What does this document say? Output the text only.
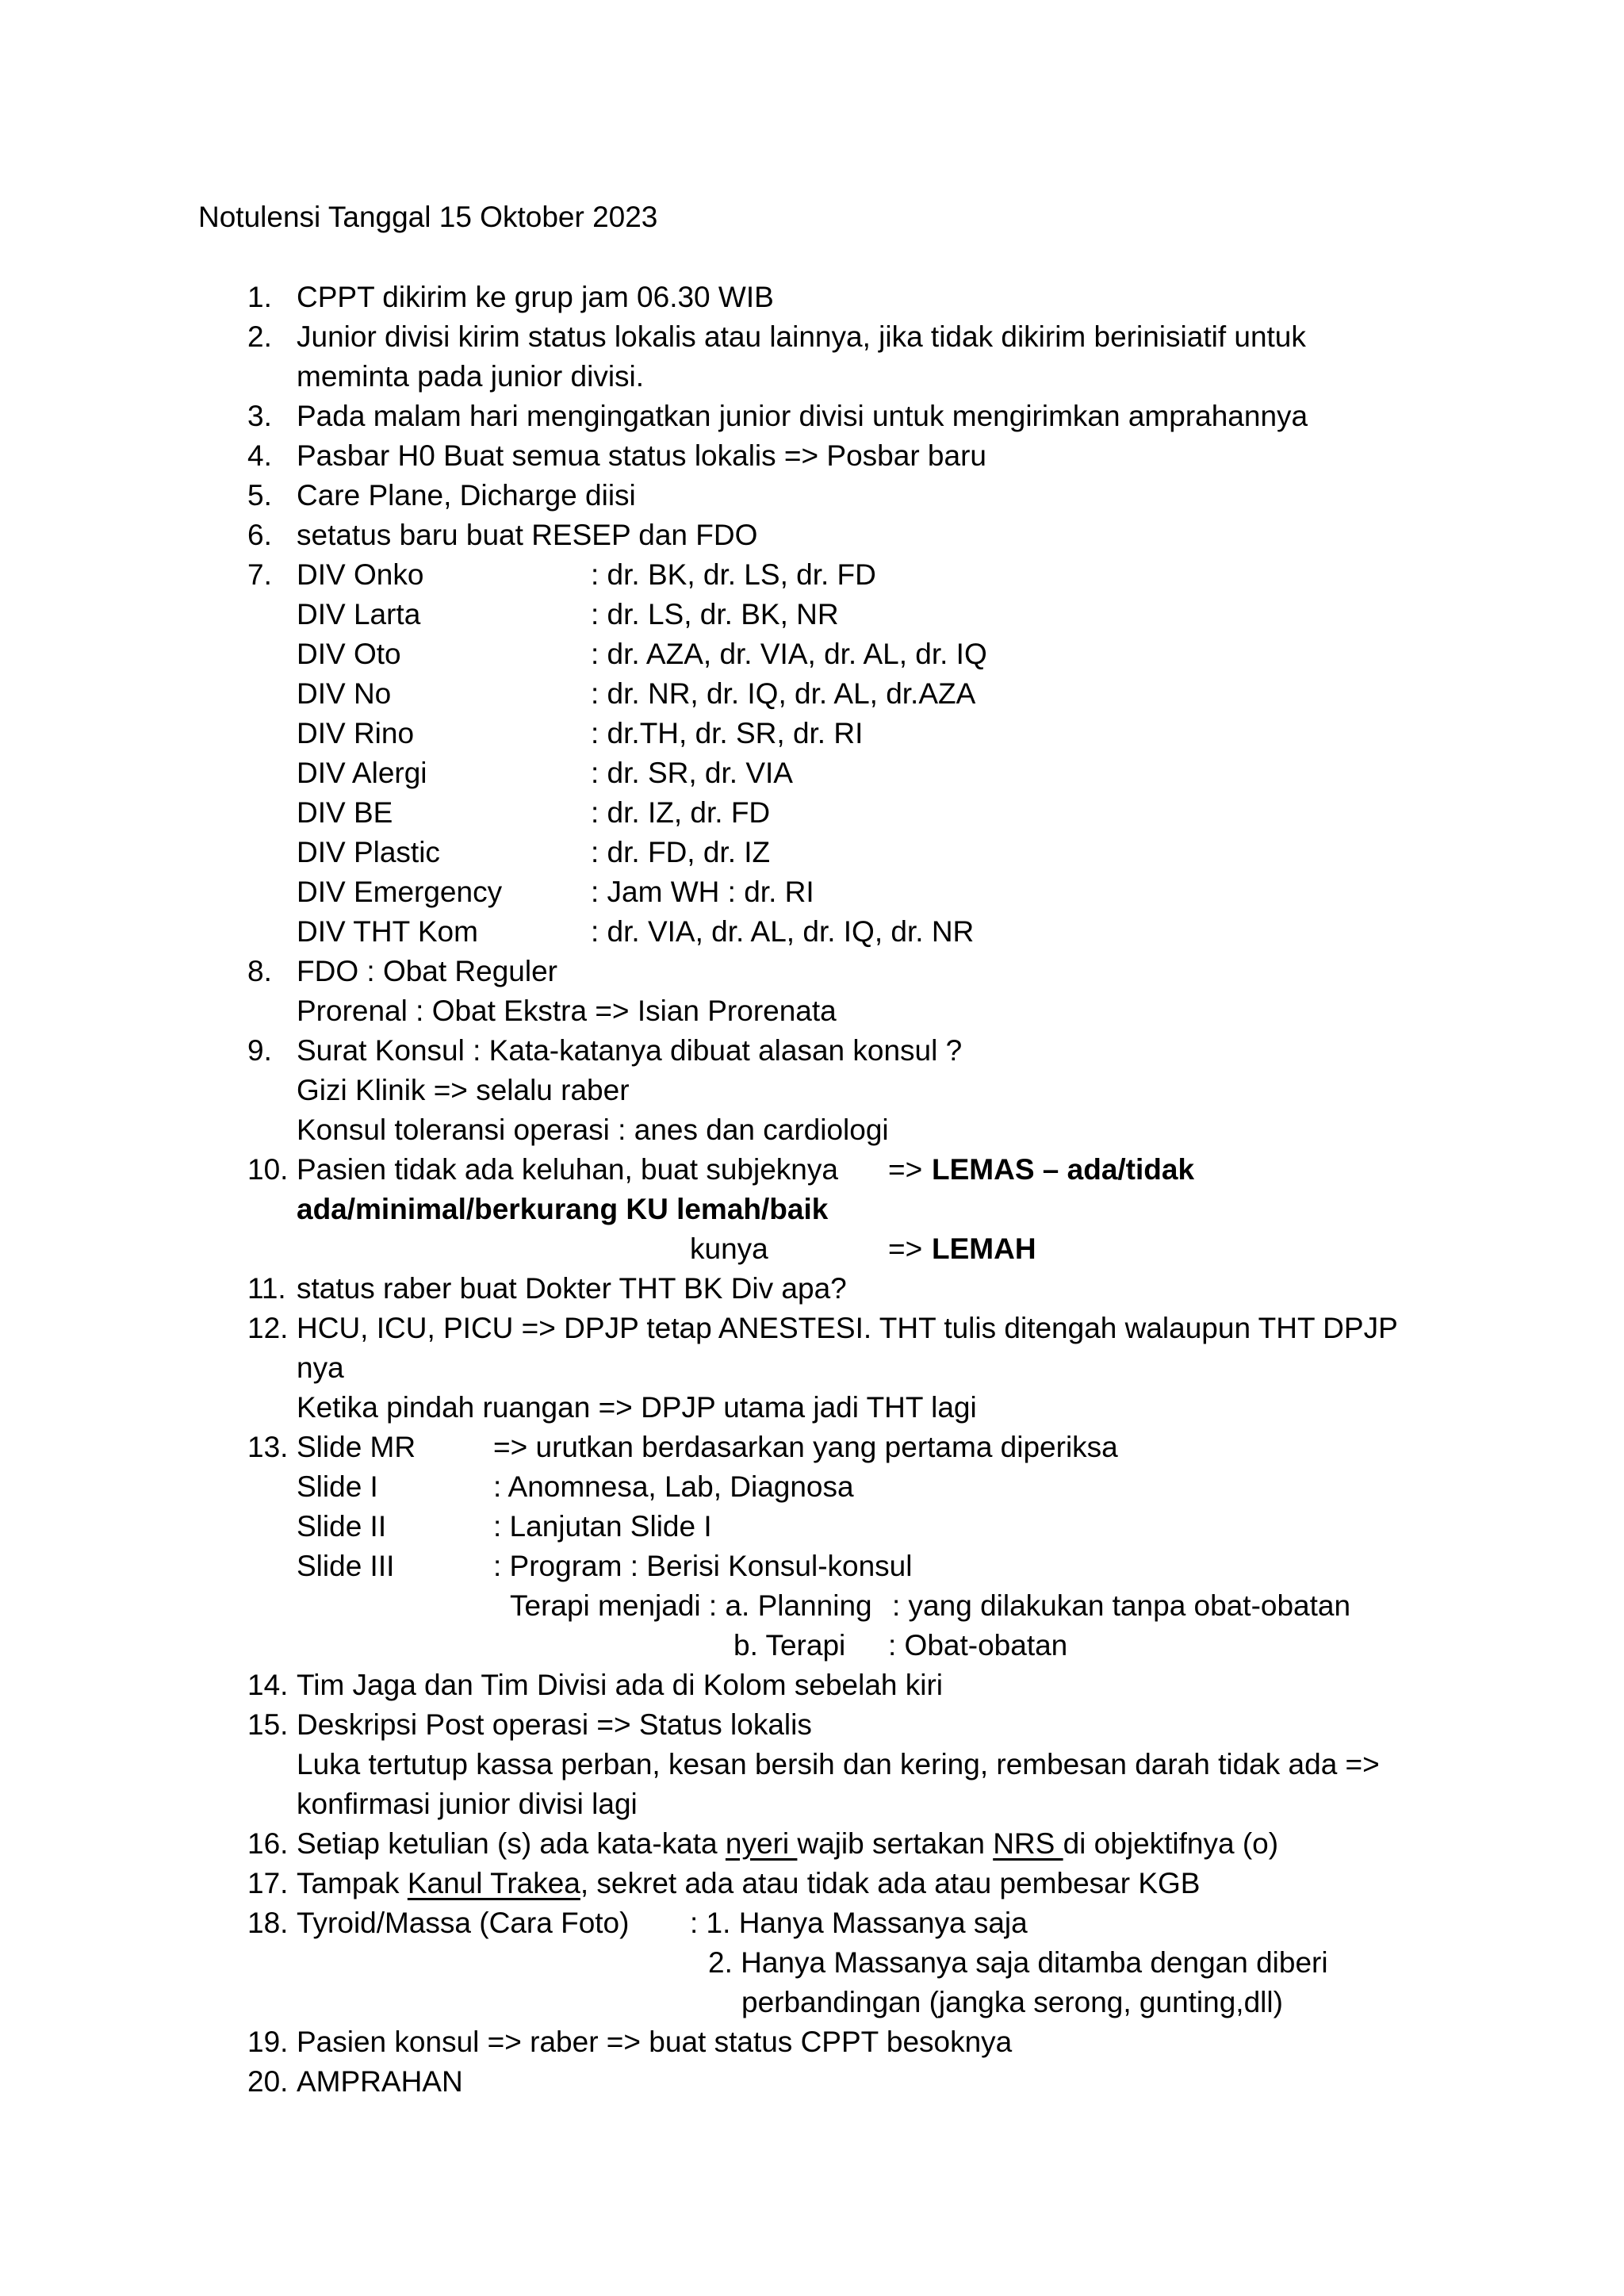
Notulensi Tanggal 15 Oktober 2023
1. CPPT dikirim ke grup jam 06.30 WIB
2. Junior divisi kirim status lokalis atau lainnya, jika tidak dikirim berinisiatif untuk
meminta pada junior divisi.
3. Pada malam hari mengingatkan junior divisi untuk mengirimkan amprahannya
4. Pasbar H0 Buat semua status lokalis => Posbar baru
5. Care Plane, Dicharge diisi
6. setatus baru buat RESEP dan FDO
7. DIV Onko	: dr. BK, dr. LS, dr. FD
DIV Larta	: dr. LS, dr. BK, NR
DIV Oto	: dr. AZA, dr. VIA, dr. AL, dr. IQ
DIV No	: dr. NR, dr. IQ, dr. AL, dr.AZA
DIV Rino	: dr.TH, dr. SR, dr. RI
DIV Alergi	: dr. SR, dr. VIA
DIV BE	: dr. IZ, dr. FD
DIV Plastic	: dr. FD, dr. IZ
DIV Emergency	: Jam WH : dr. RI
DIV THT Kom	: dr. VIA, dr. AL, dr. IQ, dr. NR
8. FDO : Obat Reguler
Prorenal : Obat Ekstra => Isian Prorenata
9. Surat Konsul : Kata-katanya dibuat alasan konsul ?
Gizi Klinik => selalu raber
Konsul toleransi operasi : anes dan cardiologi
10. Pasien tidak ada keluhan, buat subjeknya => LEMAS – ada/tidak
ada/minimal/berkurang KU lemah/baik
kunya	=> LEMAH
11. status raber buat Dokter THT BK Div apa?
12. HCU, ICU, PICU => DPJP tetap ANESTESI. THT tulis ditengah walaupun THT DPJP
nya
Ketika pindah ruangan => DPJP utama jadi THT lagi
13. Slide MR	=> urutkan berdasarkan yang pertama diperiksa
Slide I	: Anomnesa, Lab, Diagnosa
Slide II	: Lanjutan Slide I
Slide III	: Program : Berisi Konsul-konsul
Terapi menjadi : a. Planning : yang dilakukan tanpa obat-obatan
b. Terapi : Obat-obatan
14. Tim Jaga dan Tim Divisi ada di Kolom sebelah kiri
15. Deskripsi Post operasi => Status lokalis
Luka tertutup kassa perban, kesan bersih dan kering, rembesan darah tidak ada =>
konfirmasi junior divisi lagi
16. Setiap ketulian (s) ada kata-kata nyeri wajib sertakan NRS di objektifnya (o)
17. Tampak Kanul Trakea, sekret ada atau tidak ada atau pembesar KGB
18. Tyroid/Massa (Cara Foto) : 1. Hanya Massanya saja
2. Hanya Massanya saja ditamba dengan diberi
perbandingan (jangka serong, gunting,dll)
19. Pasien konsul => raber => buat status CPPT besoknya
20. AMPRAHAN
